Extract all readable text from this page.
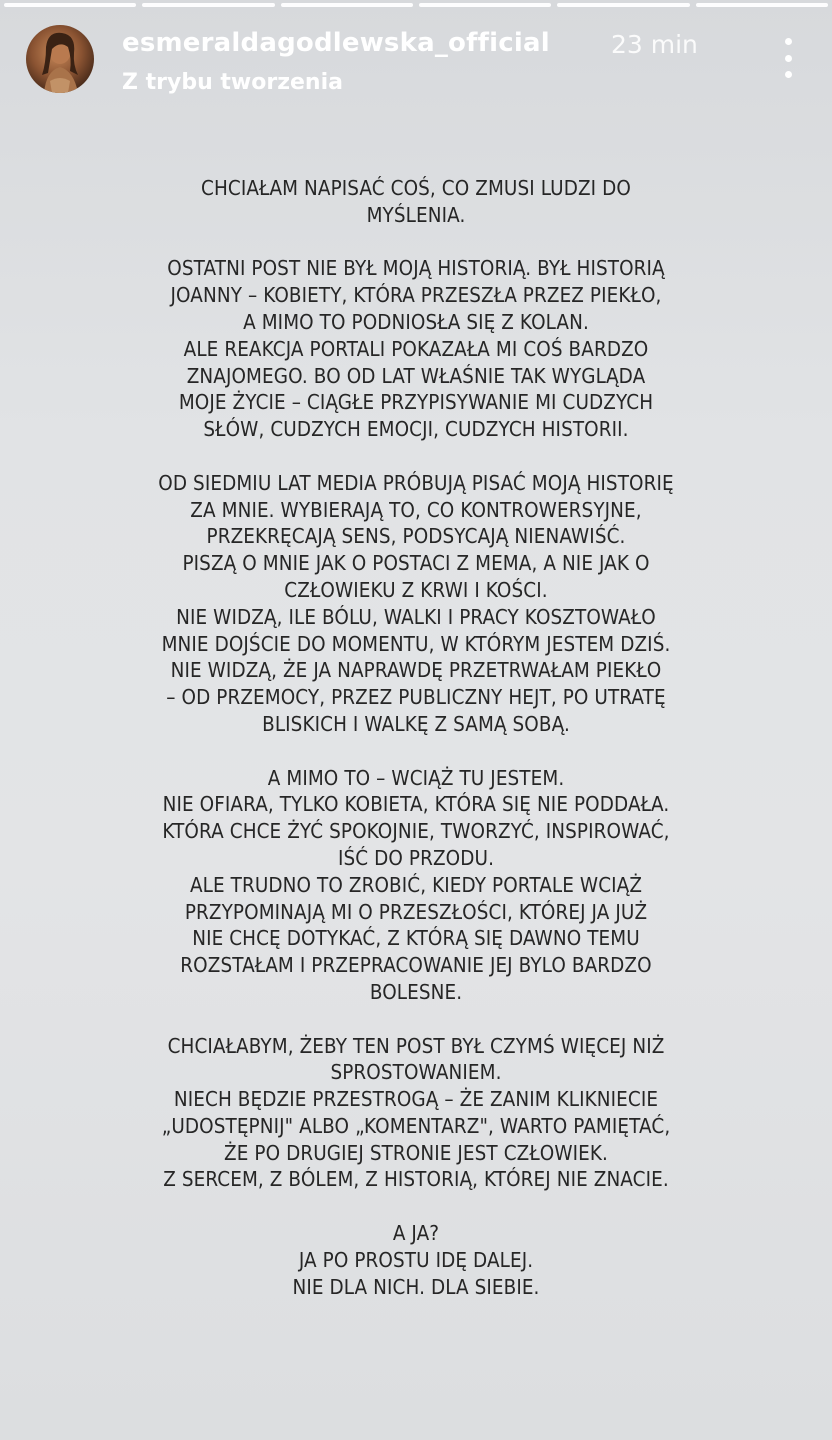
esmeraldagodlewska_official 23 min
Z trybu tworzenia

CHCIAŁAM NAPISAĆ COŚ, CO ZMUSI LUDZI DO
MYŚLENIA.

OSTATNI POST NIE BYŁ MOJĄ HISTORIĄ. BYŁ HISTORIĄ
JOANNY – KOBIETY, KTÓRA PRZESZŁA PRZEZ PIEKŁO,
A MIMO TO PODNIOSŁA SIĘ Z KOLAN.
ALE REAKCJA PORTALI POKAZAŁA MI COŚ BARDZO
ZNAJOMEGO. BO OD LAT WŁAŚNIE TAK WYGLĄDA
MOJE ŻYCIE – CIĄGŁE PRZYPISYWANIE MI CUDZYCH
SŁÓW, CUDZYCH EMOCJI, CUDZYCH HISTORII.

OD SIEDMIU LAT MEDIA PRÓBUJĄ PISAĆ MOJĄ HISTORIĘ
ZA MNIE. WYBIERAJĄ TO, CO KONTROWERSYJNE,
PRZEKRĘCAJĄ SENS, PODSYCAJĄ NIENAWIŚĆ.
PISZĄ O MNIE JAK O POSTACI Z MEMA, A NIE JAK O
CZŁOWIEKU Z KRWI I KOŚCI.
NIE WIDZĄ, ILE BÓLU, WALKI I PRACY KOSZTOWAŁO
MNIE DOJŚCIE DO MOMENTU, W KTÓRYM JESTEM DZIŚ.
NIE WIDZĄ, ŻE JA NAPRAWDĘ PRZETRWAŁAM PIEKŁO
– OD PRZEMOCY, PRZEZ PUBLICZNY HEJT, PO UTRATĘ
BLISKICH I WALKĘ Z SAMĄ SOBĄ.

A MIMO TO – WCIĄŻ TU JESTEM.
NIE OFIARA, TYLKO KOBIETA, KTÓRA SIĘ NIE PODDAŁA.
KTÓRA CHCE ŻYĆ SPOKOJNIE, TWORZYĆ, INSPIROWAĆ,
IŚĆ DO PRZODU.
ALE TRUDNO TO ZROBIĆ, KIEDY PORTALE WCIĄŻ
PRZYPOMINAJĄ MI O PRZESZŁOŚCI, KTÓREJ JA JUŻ
NIE CHCĘ DOTYKAĆ, Z KTÓRĄ SIĘ DAWNO TEMU
ROZSTAŁAM I PRZEPRACOWANIE JEJ BYLO BARDZO
BOLESNE.

CHCIAŁABYM, ŻEBY TEN POST BYŁ CZYMŚ WIĘCEJ NIŻ
SPROSTOWANIEM.
NIECH BĘDZIE PRZESTROGĄ – ŻE ZANIM KLIKNIECIE
„UDOSTĘPNIJ" ALBO „KOMENTARZ", WARTO PAMIĘTAĆ,
ŻE PO DRUGIEJ STRONIE JEST CZŁOWIEK.
Z SERCEM, Z BÓLEM, Z HISTORIĄ, KTÓREJ NIE ZNACIE.

A JA?
JA PO PROSTU IDĘ DALEJ.
NIE DLA NICH. DLA SIEBIE.
